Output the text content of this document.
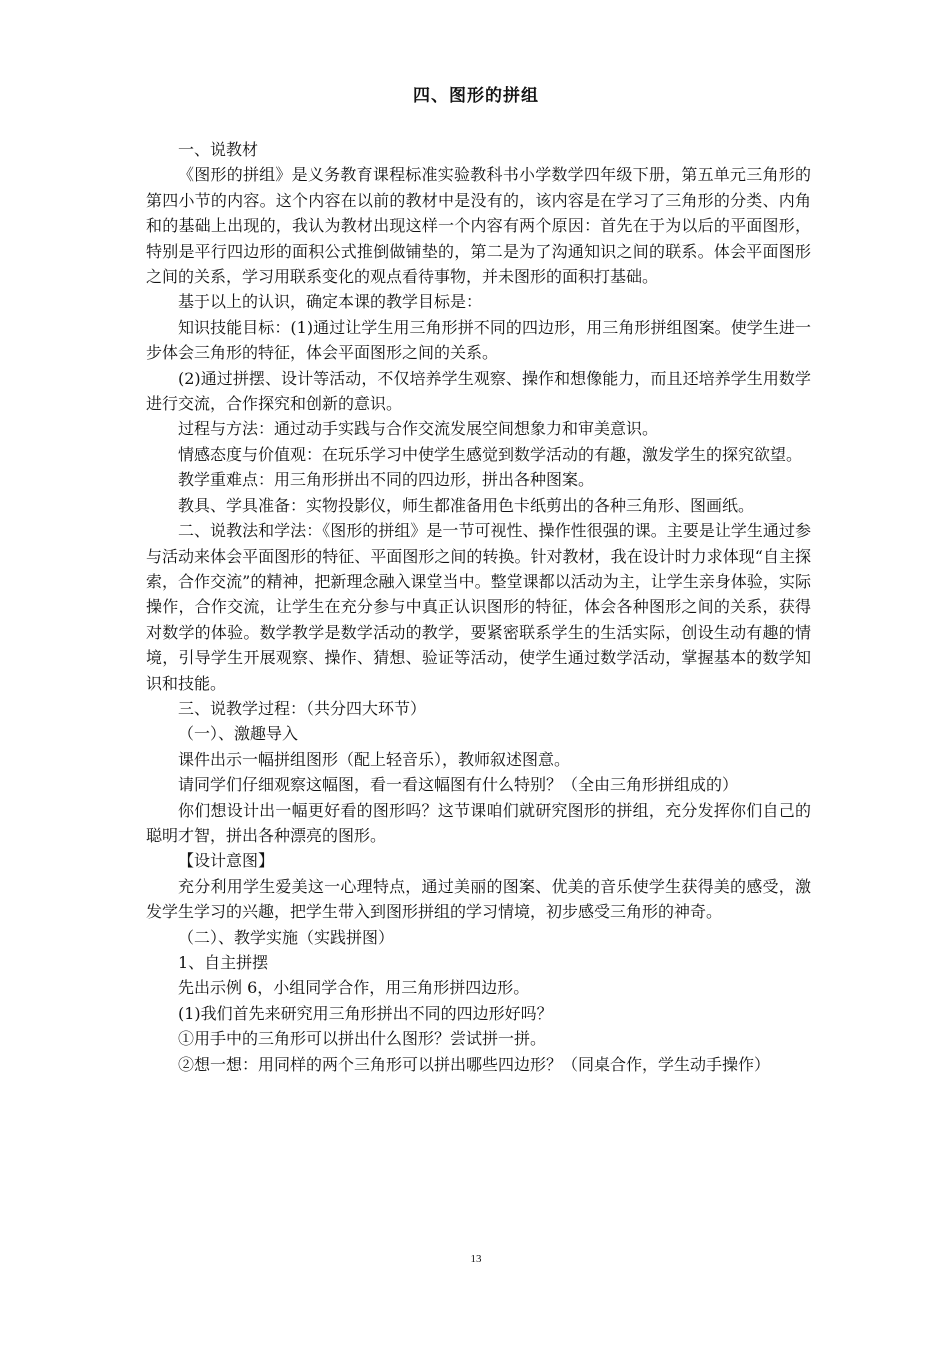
四、图形的拼组

一、说教材

《图形的拼组》是义务教育课程标准实验教科书小学数学四年级下册，第五单元三角形的第四小节的内容。这个内容在以前的教材中是没有的，该内容是在学习了三角形的分类、内角和的基础上出现的，我认为教材出现这样一个内容有两个原因：首先在于为以后的平面图形，特别是平行四边形的面积公式推倒做铺垫的，第二是为了沟通知识之间的联系。体会平面图形之间的关系，学习用联系变化的观点看待事物，并未图形的面积打基础。

基于以上的认识，确定本课的教学目标是：

知识技能目标：(1)通过让学生用三角形拼不同的四边形，用三角形拼组图案。使学生进一步体会三角形的特征，体会平面图形之间的关系。

(2)通过拼摆、设计等活动，不仅培养学生观察、操作和想像能力，而且还培养学生用数学进行交流，合作探究和创新的意识。

过程与方法：通过动手实践与合作交流发展空间想象力和审美意识。

情感态度与价值观：在玩乐学习中使学生感觉到数学活动的有趣，激发学生的探究欲望。

教学重难点：用三角形拼出不同的四边形，拼出各种图案。

教具、学具准备：实物投影仪，师生都准备用色卡纸剪出的各种三角形、图画纸。

二、说教法和学法：《图形的拼组》是一节可视性、操作性很强的课。主要是让学生通过参与活动来体会平面图形的特征、平面图形之间的转换。针对教材，我在设计时力求体现“自主探索，合作交流”的精神，把新理念融入课堂当中。整堂课都以活动为主，让学生亲身体验，实际操作，合作交流，让学生在充分参与中真正认识图形的特征，体会各种图形之间的关系，获得对数学的体验。数学教学是数学活动的教学，要紧密联系学生的生活实际，创设生动有趣的情境，引导学生开展观察、操作、猜想、验证等活动，使学生通过数学活动，掌握基本的数学知识和技能。

三、说教学过程：（共分四大环节）

（一）、激趣导入

课件出示一幅拼组图形（配上轻音乐），教师叙述图意。

请同学们仔细观察这幅图，看一看这幅图有什么特别？（全由三角形拼组成的）

你们想设计出一幅更好看的图形吗？这节课咱们就研究图形的拼组，充分发挥你们自己的聪明才智，拼出各种漂亮的图形。

【设计意图】

充分利用学生爱美这一心理特点，通过美丽的图案、优美的音乐使学生获得美的感受，激发学生学习的兴趣，把学生带入到图形拼组的学习情境，初步感受三角形的神奇。

（二）、教学实施（实践拼图）

1、自主拼摆

先出示例 6，小组同学合作，用三角形拼四边形。

(1)我们首先来研究用三角形拼出不同的四边形好吗？

①用手中的三角形可以拼出什么图形？尝试拼一拼。

②想一想：用同样的两个三角形可以拼出哪些四边形？（同桌合作，学生动手操作）

13
